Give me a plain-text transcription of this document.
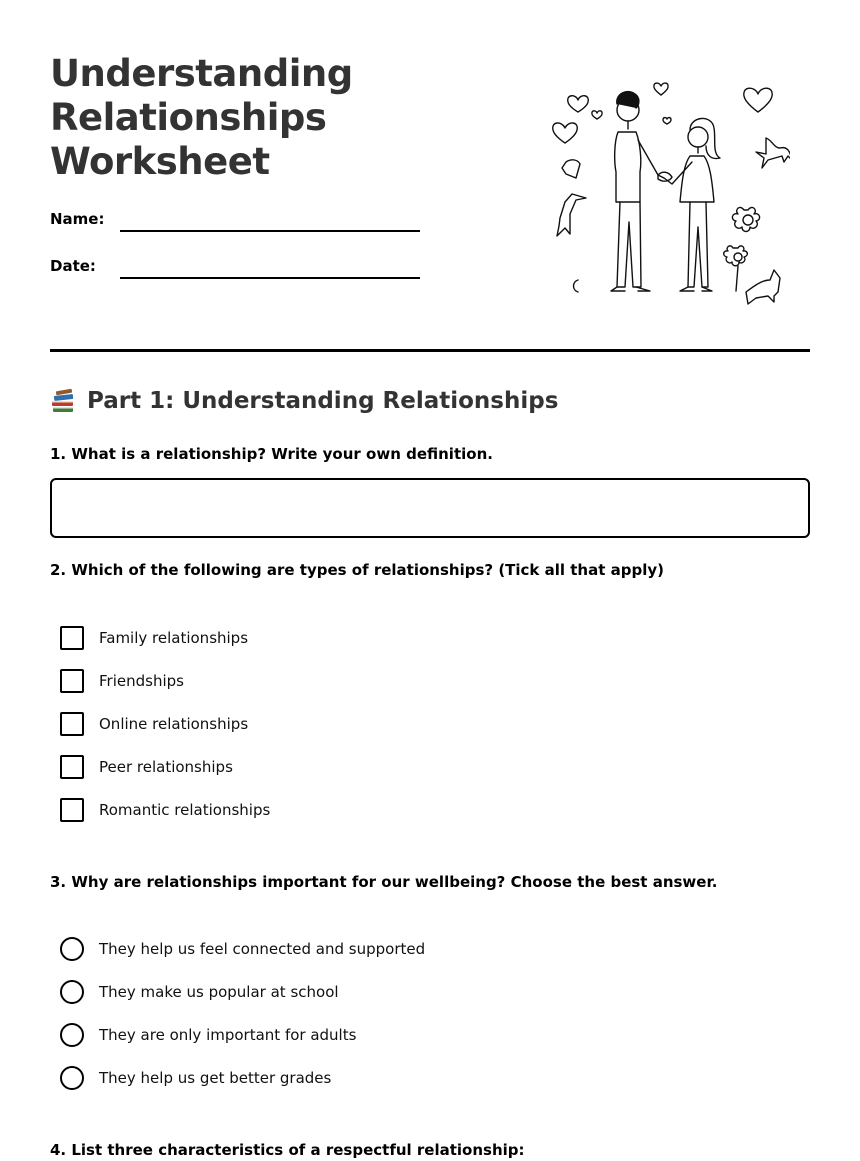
Understanding
Relationships
Worksheet
Name:
Date:
Part 1: Understanding Relationships
1. What is a relationship? Write your own definition.
2. Which of the following are types of relationships? (Tick all that apply)
Family relationships
Friendships
Online relationships
Peer relationships
Romantic relationships
3. Why are relationships important for our wellbeing? Choose the best answer.
They help us feel connected and supported
They make us popular at school
They are only important for adults
They help us get better grades
4. List three characteristics of a respectful relationship:
